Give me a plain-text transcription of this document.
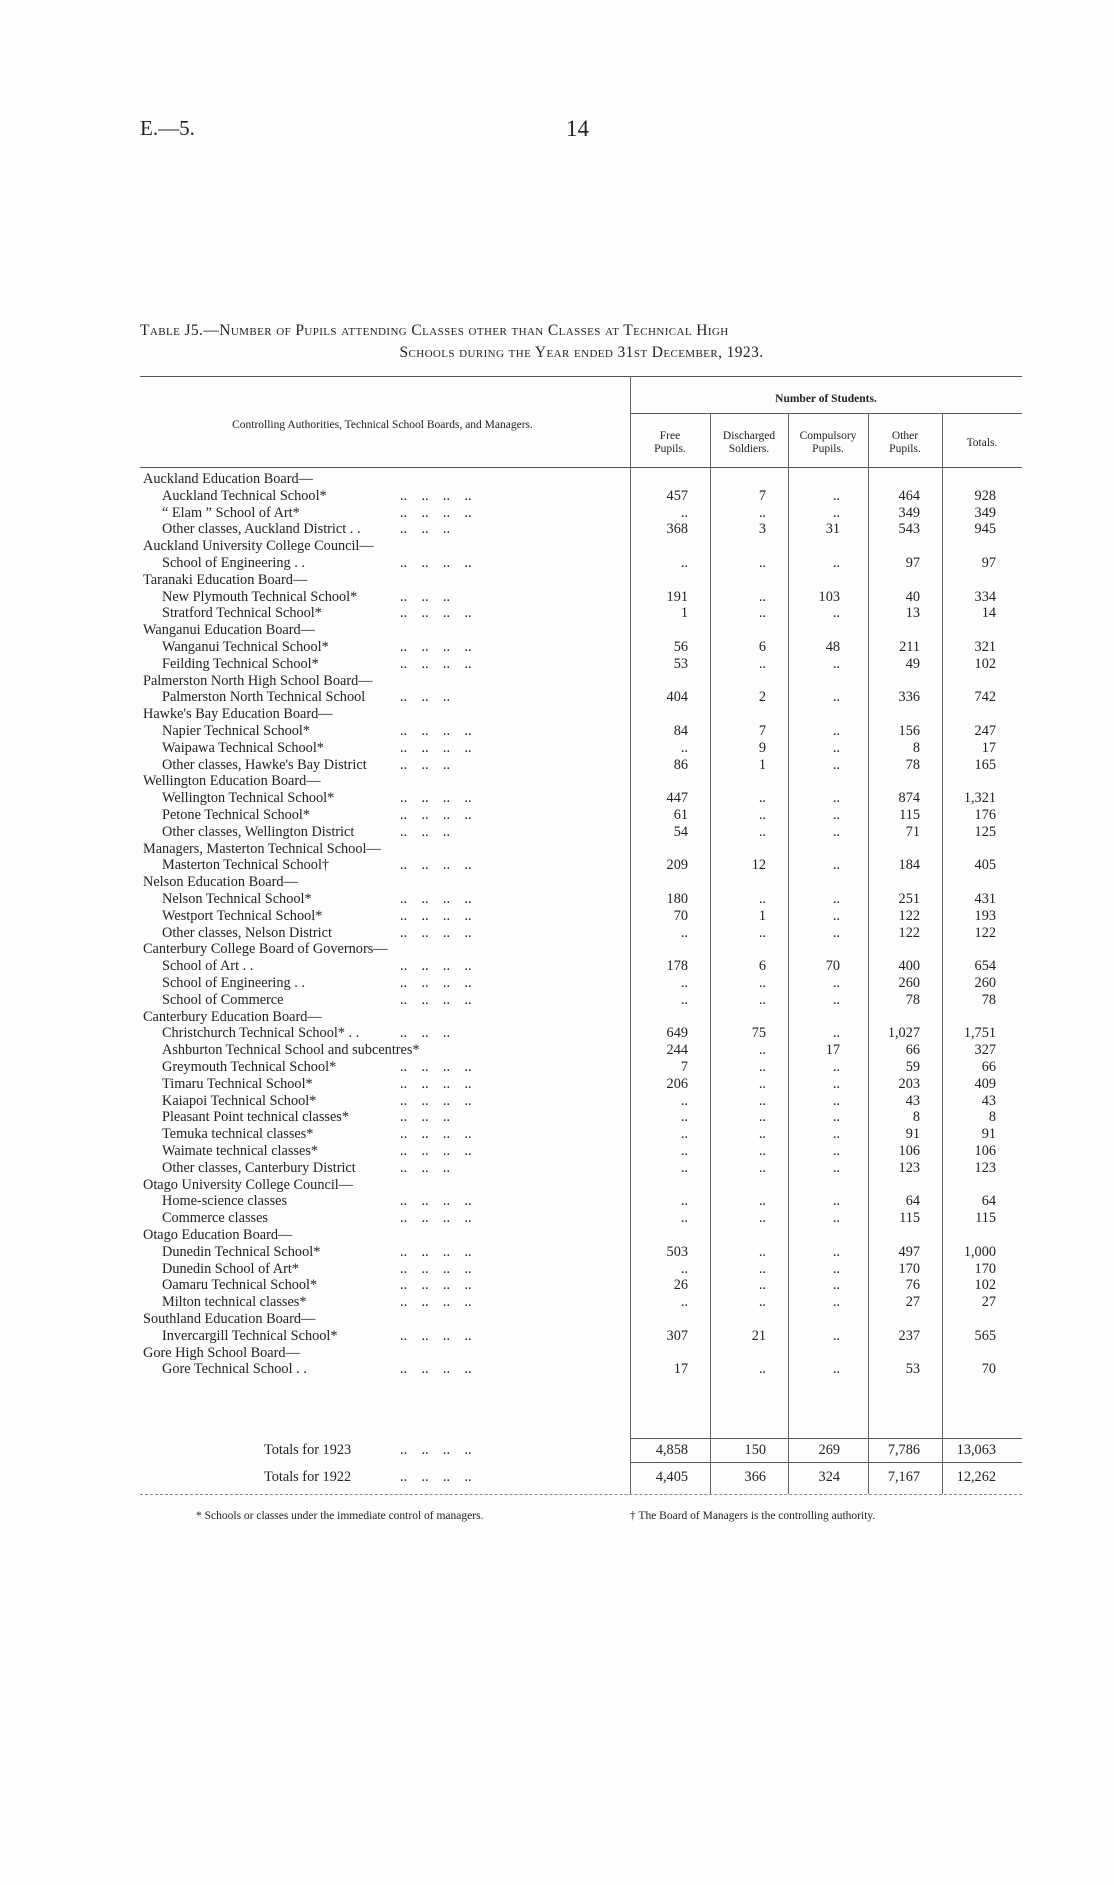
E.—5.	14
Table J5.—Number of Pupils attending Classes other than Classes at Technical High
Schools during the Year ended 31st December, 1923.
Number of Students.
Controlling Authorities, Technical School Boards, and Managers.
Free
Pupils.
Discharged
Soldiers.
Compulsory
Pupils.
Other
Pupils.	Totals.
Auckland Education Board—
Auckland Technical School*	..    ..    ..    ..	457	7	..	464	928
“ Elam ” School of Art*	..    ..    ..    ..	..	..	..	349	349
Other classes, Auckland District . .	..    ..    ..	368	3	31	543	945
Auckland University College Council—
School of Engineering . .	..    ..    ..    ..	..	..	..	97	97
Taranaki Education Board—
New Plymouth Technical School*	..    ..    ..	191	..	103	40	334
Stratford Technical School*	..    ..    ..    ..	1	..	..	13	14
Wanganui Education Board—
Wanganui Technical School*	..    ..    ..    ..	56	6	48	211	321
Feilding Technical School*	..    ..    ..    ..	53	..	..	49	102
Palmerston North High School Board—
Palmerston North Technical School ..    ..    ..	404	2	..	336	742
Hawke's Bay Education Board—
Napier Technical School*	..    ..    ..    ..	84	7	..	156	247
Waipawa Technical School*	..    ..    ..    ..	..	9	..	8	17
Other classes, Hawke's Bay District ..    ..    ..	86	1	..	78	165
Wellington Education Board—
Wellington Technical School*	..    ..    ..    ..	447	..	..	874	1,321
Petone Technical School*	..    ..    ..    ..	61	..	..	115	176
Other classes, Wellington District	..    ..    ..	54	..	..	71	125
Managers, Masterton Technical School—
Masterton Technical School†	..    ..    ..    ..	209	12	..	184	405
Nelson Education Board—
Nelson Technical School*	..    ..    ..    ..	180	..	..	251	431
Westport Technical School*	..    ..    ..    ..	70	1	..	122	193
Other classes, Nelson District	..    ..    ..    ..	..	..	..	122	122
Canterbury College Board of Governors—
School of Art . .	..    ..    ..    ..	178	6	70	400	654
School of Engineering . .	..    ..    ..    ..	..	..	..	260	260
School of Commerce	..    ..    ..    ..	..	..	..	78	78
Canterbury Education Board—
Christchurch Technical School* . .	..    ..    ..	649	75	..	1,027	1,751
Ashburton Technical School and subcentres*	244	..	17	66	327
Greymouth Technical School*	..    ..    ..    ..	7	..	..	59	66
Timaru Technical School*	..    ..    ..    ..	206	..	..	203	409
Kaiapoi Technical School*	..    ..    ..    ..	..	..	..	43	43
Pleasant Point technical classes*	..    ..    ..	..	..	..	8	8
Temuka technical classes*	..    ..    ..    ..	..	..	..	91	91
Waimate technical classes*	..    ..    ..    ..	..	..	..	106	106
Other classes, Canterbury District	..    ..    ..	..	..	..	123	123
Otago University College Council—
Home-science classes	..    ..    ..    ..	..	..	..	64	64
Commerce classes	..    ..    ..    ..	..	..	..	115	115
Otago Education Board—
Dunedin Technical School*	..    ..    ..    ..	503	..	..	497	1,000
Dunedin School of Art*	..    ..    ..    ..	..	..	..	170	170
Oamaru Technical School*	..    ..    ..    ..	26	..	..	76	102
Milton technical classes*	..    ..    ..    ..	..	..	..	27	27
Southland Education Board—
Invercargill Technical School*	..    ..    ..    ..	307	21	..	237	565
Gore High School Board—
Gore Technical School . .	..    ..    ..    ..	17	..	..	53	70
Totals for 1923	..    ..    ..    ..	4,858	150	269	7,786	13,063
Totals for 1922	..    ..    ..    ..	4,405	366	324	7,167	12,262
* Schools or classes under the immediate control of managers.	† The Board of Managers is the controlling authority.
